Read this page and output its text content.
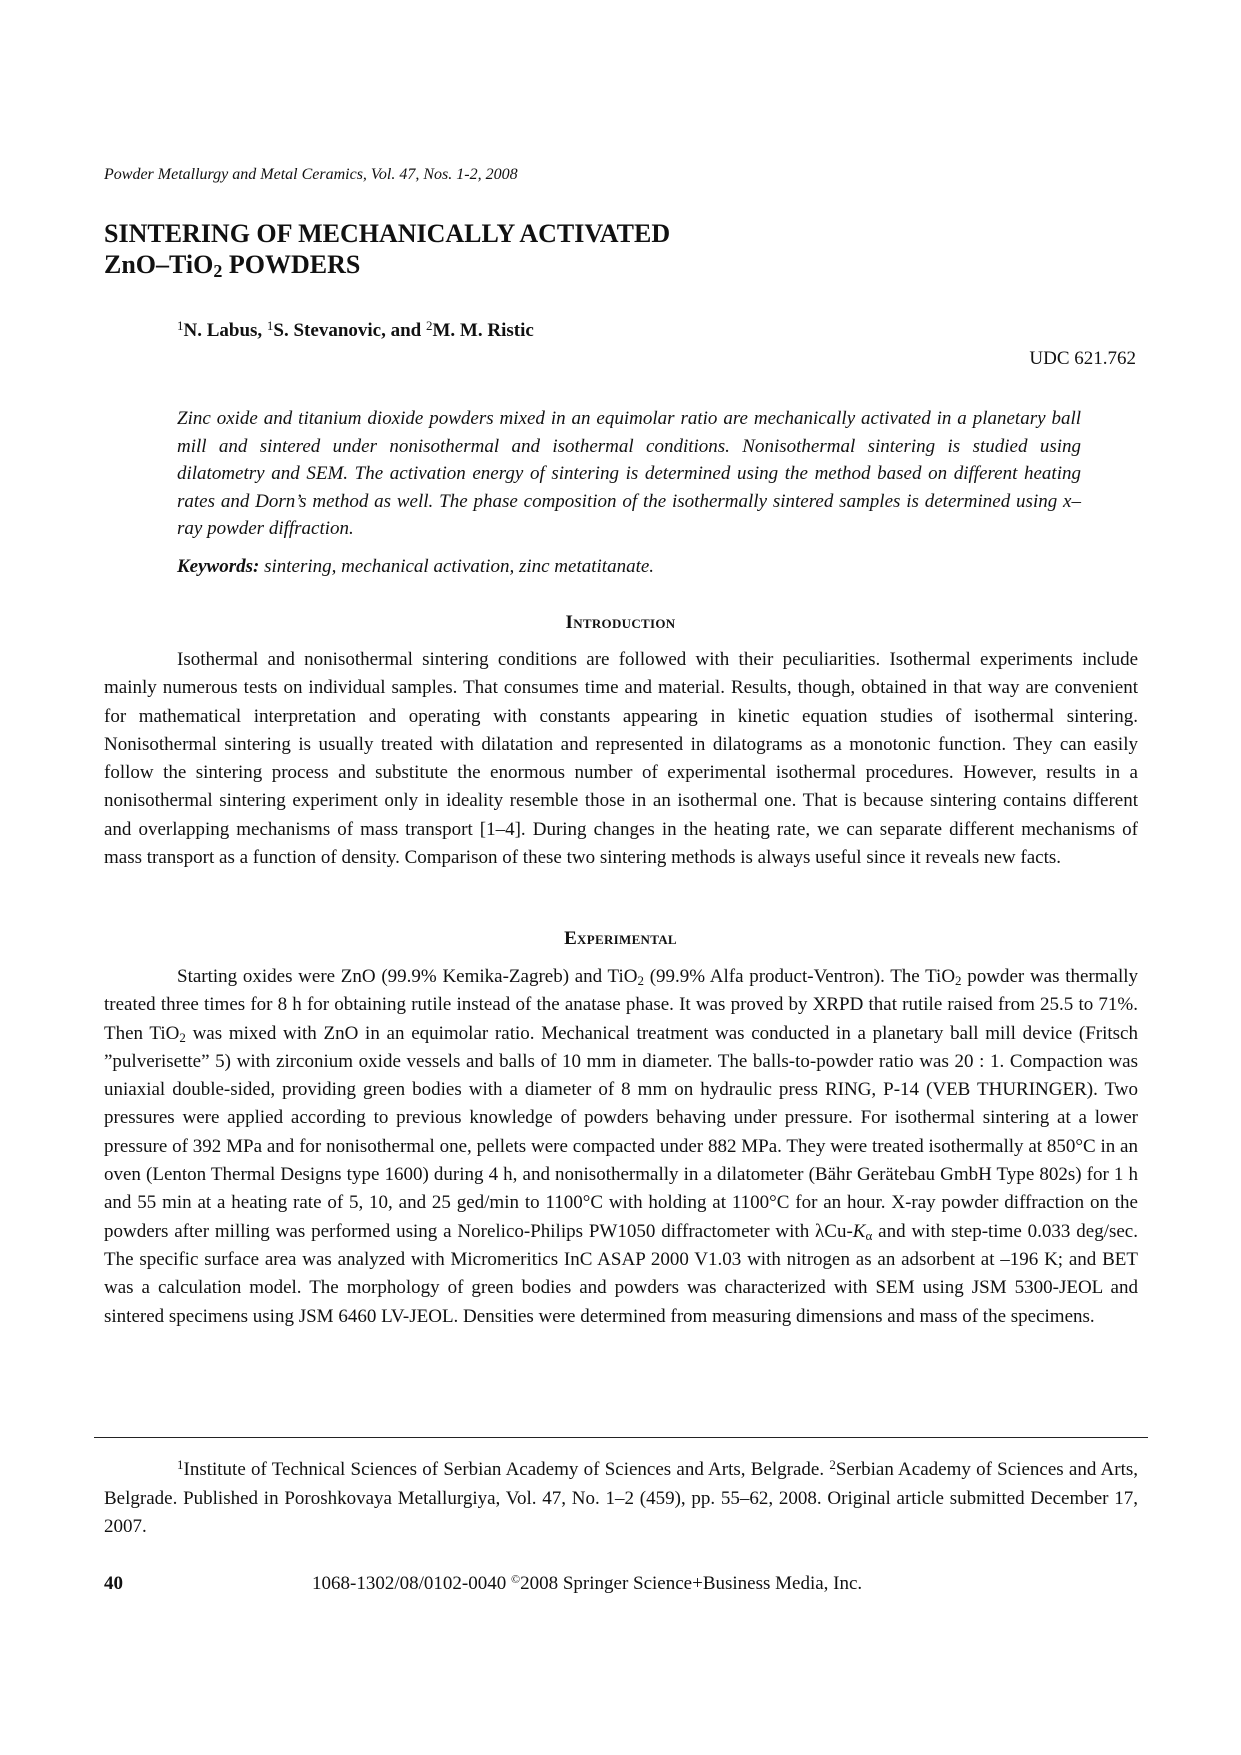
Powder Metallurgy and Metal Ceramics, Vol. 47, Nos. 1-2, 2008
SINTERING OF MECHANICALLY ACTIVATED
ZnO–TiO$_2$ POWDERS
$^1$N. Labus, $^1$S. Stevanovic, and $^2$M. M. Ristic
UDC 621.762

Zinc oxide and titanium dioxide powders mixed in an equimolar ratio are mechanically activated in a planetary ball mill and sintered under nonisothermal and isothermal conditions. Nonisothermal sintering is studied using dilatometry and SEM. The activation energy of sintering is determined using the method based on different heating rates and Dorn’s method as well. The phase composition of the isothermally sintered samples is determined using x–ray powder diffraction.

Keywords: sintering, mechanical activation, zinc metatitanate.
Introduction

Isothermal and nonisothermal sintering conditions are followed with their peculiarities. Isothermal experiments include mainly numerous tests on individual samples. That consumes time and material. Results, though, obtained in that way are convenient for mathematical interpretation and operating with constants appearing in kinetic equation studies of isothermal sintering. Nonisothermal sintering is usually treated with dilatation and represented in dilatograms as a monotonic function. They can easily follow the sintering process and substitute the enormous number of experimental isothermal procedures. However, results in a nonisothermal sintering experiment only in ideality resemble those in an isothermal one. That is because sintering contains different and overlapping mechanisms of mass transport [1–4]. During changes in the heating rate, we can separate different mechanisms of mass transport as a function of density. Comparison of these two sintering methods is always useful since it reveals new facts.

Experimental

Starting oxides were ZnO (99.9% Kemika-Zagreb) and TiO$_2$ (99.9% Alfa product-Ventron). The TiO$_2$ powder was thermally treated three times for 8 h for obtaining rutile instead of the anatase phase. It was proved by XRPD that rutile raised from 25.5 to 71%. Then TiO$_2$ was mixed with ZnO in an equimolar ratio. Mechanical treatment was conducted in a planetary ball mill device (Fritsch ”pulverisette” 5) with zirconium oxide vessels and balls of 10 mm in diameter. The balls-to-powder ratio was 20 : 1. Compaction was uniaxial double-sided, providing green bodies with a diameter of 8 mm on hydraulic press RING, P-14 (VEB THURINGER). Two pressures were applied according to previous knowledge of powders behaving under pressure. For isothermal sintering at a lower pressure of 392 MPa and for nonisothermal one, pellets were compacted under 882 MPa. They were treated isothermally at 850°C in an oven (Lenton Thermal Designs type 1600) during 4 h, and nonisothermally in a dilatometer (Bähr Gerätebau GmbH Type 802s) for 1 h and 55 min at a heating rate of 5, 10, and 25 ged/min to 1100°C with holding at 1100°C for an hour. X-ray powder diffraction on the powders after milling was performed using a Norelico-Philips PW1050 diffractometer with λCu-$K_\alpha$ and with step-time 0.033 deg/sec. The specific surface area was analyzed with Micromeritics InC ASAP 2000 V1.03 with nitrogen as an adsorbent at –196 K; and BET was a calculation model. The morphology of green bodies and powders was characterized with SEM using JSM 5300-JEOL and sintered specimens using JSM 6460 LV-JEOL. Densities were determined from measuring dimensions and mass of the specimens.

$^1$Institute of Technical Sciences of Serbian Academy of Sciences and Arts, Belgrade. $^2$Serbian Academy of Sciences and Arts, Belgrade. Published in Poroshkovaya Metallurgiya, Vol. 47, No. 1–2 (459), pp. 55–62, 2008. Original article submitted December 17, 2007.

40	1068-1302/08/0102-0040 ©2008 Springer Science+Business Media, Inc.
